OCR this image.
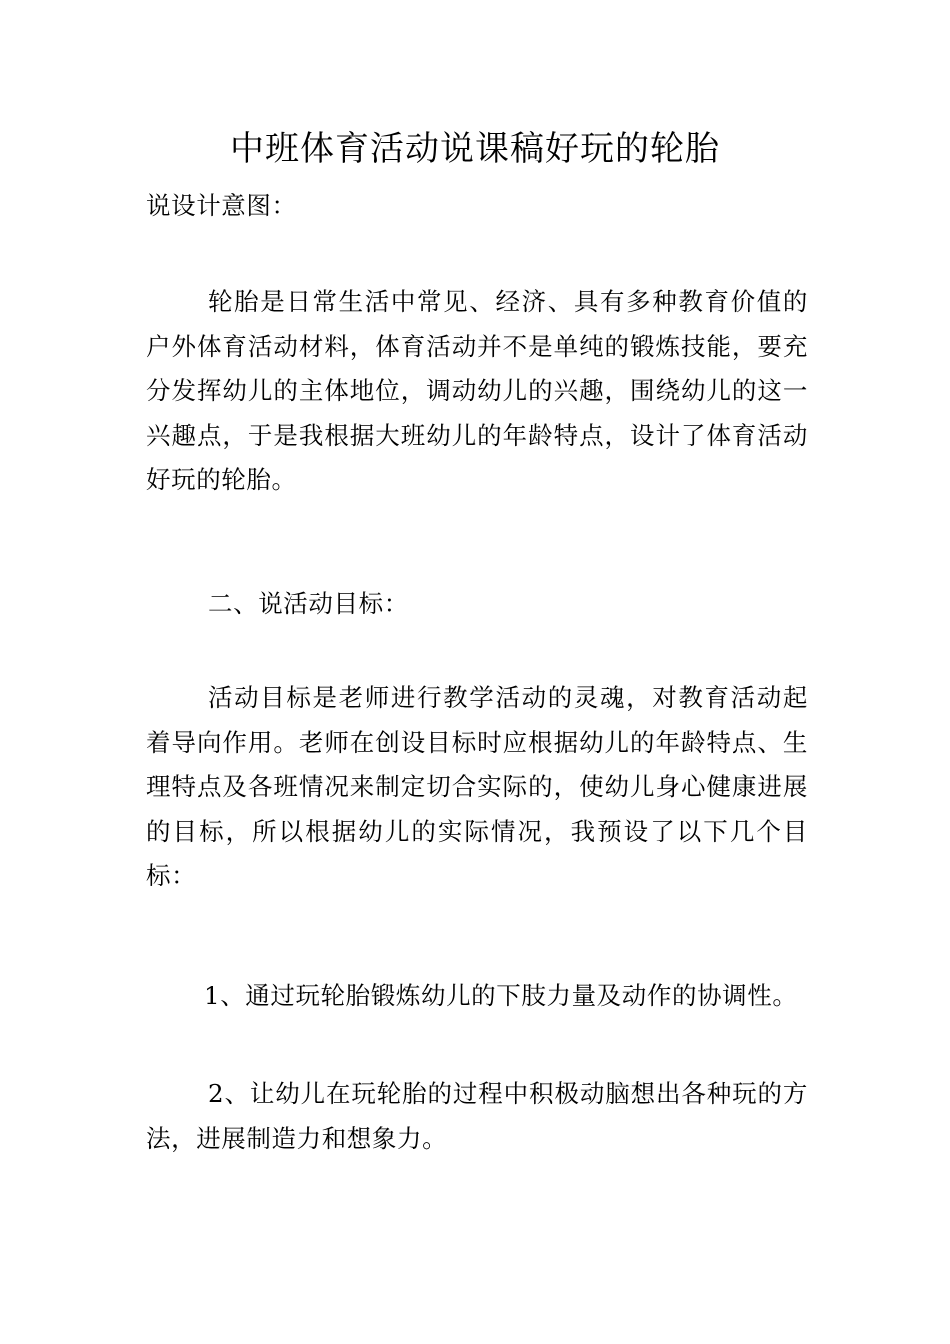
中班体育活动说课稿好玩的轮胎

说设计意图：

轮胎是日常生活中常见、经济、具有多种教育价值的户外体育活动材料，体育活动并不是单纯的锻炼技能，要充分发挥幼儿的主体地位，调动幼儿的兴趣，围绕幼儿的这一兴趣点，于是我根据大班幼儿的年龄特点，设计了体育活动好玩的轮胎。

二、说活动目标：

活动目标是老师进行教学活动的灵魂，对教育活动起着导向作用。老师在创设目标时应根据幼儿的年龄特点、生理特点及各班情况来制定切合实际的，使幼儿身心健康进展的目标，所以根据幼儿的实际情况，我预设了以下几个目标：

1、通过玩轮胎锻炼幼儿的下肢力量及动作的协调性。

2、让幼儿在玩轮胎的过程中积极动脑想出各种玩的方法，进展制造力和想象力。
